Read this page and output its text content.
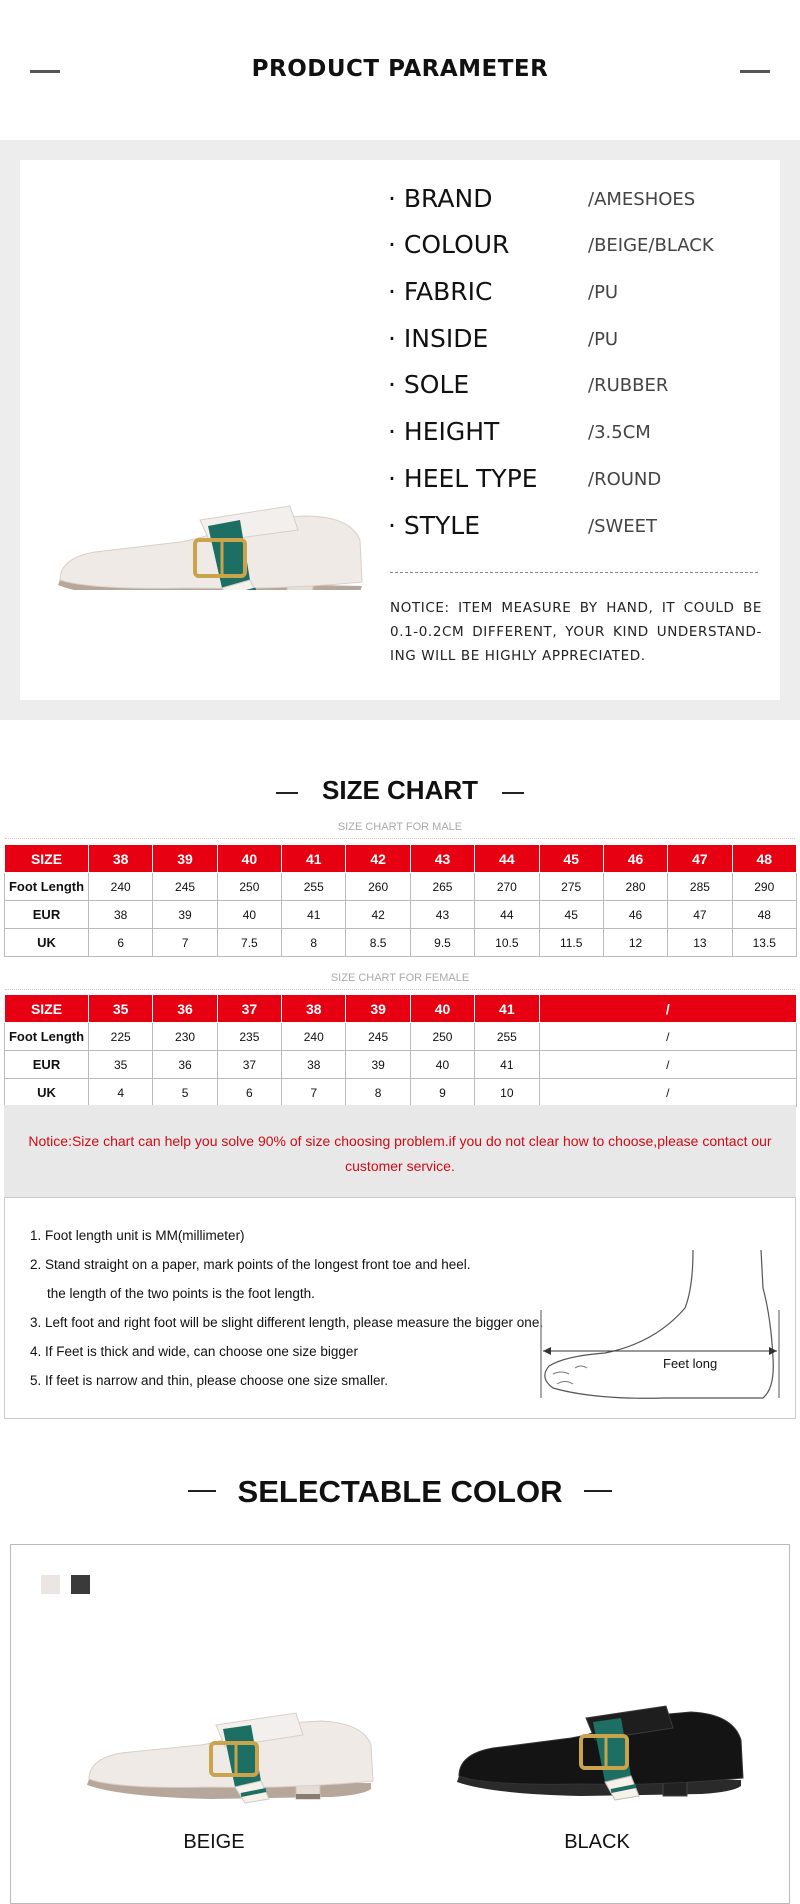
PRODUCT PARAMETER
· BRAND	/AMESHOES
· COLOUR	/BEIGE/BLACK
· FABRIC	/PU
· INSIDE	/PU
· SOLE	/RUBBER
· HEIGHT	/3.5CM
· HEEL TYPE	/ROUND
· STYLE	/SWEET
NOTICE: ITEM MEASURE BY HAND, IT COULD BE 0.1-0.2CM DIFFERENT, YOUR KIND UNDERSTAND-ING WILL BE HIGHLY APPRECIATED.
SIZE CHART
SIZE CHART FOR MALE
SIZE	38	39	40	41	42	43	44	45	46	47	48
Foot Length	240	245	250	255	260	265	270	275	280	285	290
EUR	38	39	40	41	42	43	44	45	46	47	48
UK	6	7	7.5	8	8.5	9.5	10.5	11.5	12	13	13.5
SIZE CHART FOR FEMALE
SIZE	35	36	37	38	39	40	41	/
Foot Length	225	230	235	240	245	250	255	/
EUR	35	36	37	38	39	40	41	/
UK	4	5	6	7	8	9	10	/
Notice:Size chart can help you solve 90% of size choosing problem.if you do not clear how to choose,please contact our customer service.
1. Foot length unit is MM(millimeter)
2. Stand straight on a paper, mark points of the longest front toe and heel.
the length of the two points is the foot length.
3. Left foot and right foot will be slight different length, please measure the bigger one.
4. If Feet is thick and wide, can choose one size bigger
5. If feet is narrow and thin, please choose one size smaller.
Feet long
SELECTABLE COLOR
BEIGE	BLACK
